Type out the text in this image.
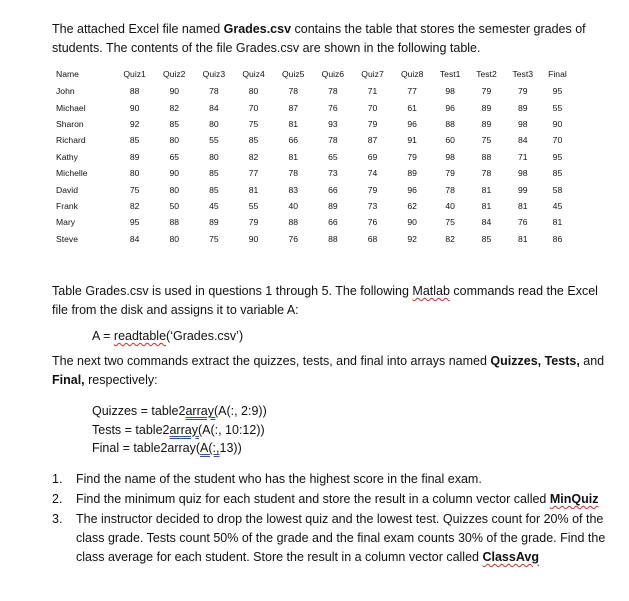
The attached Excel file named Grades.csv contains the table that stores the semester grades of students. The contents of the file Grades.csv are shown in the following table.

Name	Quiz1	Quiz2	Quiz3	Quiz4	Quiz5	Quiz6	Quiz7	Quiz8	Test1	Test2	Test3	Final
John	88	90	78	80	78	78	71	77	98	79	79	95
Michael	90	82	84	70	87	76	70	61	96	89	89	55
Sharon	92	85	80	75	81	93	79	96	88	89	98	90
Richard	85	80	55	85	66	78	87	91	60	75	84	70
Kathy	89	65	80	82	81	65	69	79	98	88	71	95
Michelle	80	90	85	77	78	73	74	89	79	78	98	85
David	75	80	85	81	83	66	79	96	78	81	99	58
Frank	82	50	45	55	40	89	73	62	40	81	81	45
Mary	95	88	89	79	88	66	76	90	75	84	76	81
Steve	84	80	75	90	76	88	68	92	82	85	81	86

Table Grades.csv is used in questions 1 through 5. The following Matlab commands read the Excel file from the disk and assigns it to variable A:

A = readtable(‘Grades.csv’)

The next two commands extract the quizzes, tests, and final into arrays named Quizzes, Tests, and Final, respectively:

Quizzes = table2array(A(:, 2:9))
Tests = table2array(A(:, 10:12))
Final = table2array(A(:,13))
1. Find the name of the student who has the highest score in the final exam.
2. Find the minimum quiz for each student and store the result in a column vector called MinQuiz
3. The instructor decided to drop the lowest quiz and the lowest test. Quizzes count for 20% of the class grade. Tests count 50% of the grade and the final exam counts 30% of the grade. Find the class average for each student. Store the result in a column vector called ClassAvg
